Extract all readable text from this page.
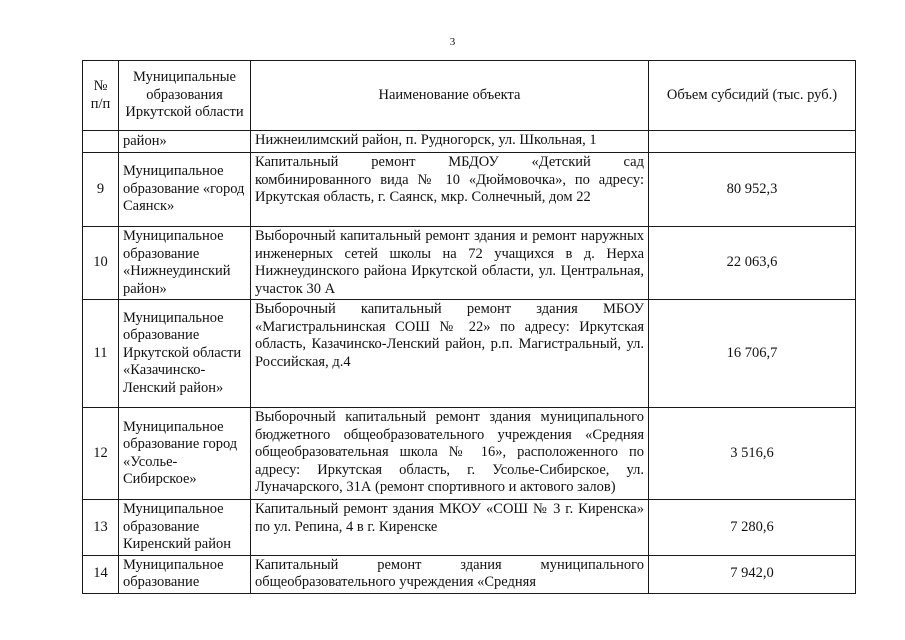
3
№ п/п	Муниципальные образования Иркутской области	Наименование объекта	Объем субсидий (тыс. руб.)
	район»	Нижнеилимский район, п. Рудногорск, ул. Школьная, 1	
9	Муниципальное образование «город Саянск»	Капитальный ремонт МБДОУ «Детский сад комбинированного вида № 10 «Дюймовочка», по адресу: Иркутская область, г. Саянск, мкр. Солнечный, дом 22	80 952,3
10	Муниципальное образование «Нижнеудинский район»	Выборочный капитальный ремонт здания и ремонт наружных инженерных сетей школы на 72 учащихся в д. Нерха Нижнеудинского района Иркутской области, ул. Центральная, участок 30 А	22 063,6
11	Муниципальное образование Иркутской области «Казачинско-Ленский район»	Выборочный капитальный ремонт здания МБОУ «Магистральнинская СОШ № 22» по адресу: Иркутская область, Казачинско-Ленский район, р.п. Магистральный, ул. Российская, д.4	16 706,7
12	Муниципальное образование город «Усолье-Сибирское»	Выборочный капитальный ремонт здания муниципального бюджетного общеобразовательного учреждения «Средняя общеобразовательная школа № 16», расположенного по адресу: Иркутская область, г. Усолье-Сибирское, ул. Луначарского, 31А (ремонт спортивного и актового залов)	3 516,6
13	Муниципальное образование Киренский район	Капитальный ремонт здания МКОУ «СОШ № 3 г. Киренска» по ул. Репина, 4 в г. Киренске	7 280,6
14	Муниципальное образование	Капитальный ремонт здания муниципального общеобразовательного учреждения «Средняя	7 942,0
